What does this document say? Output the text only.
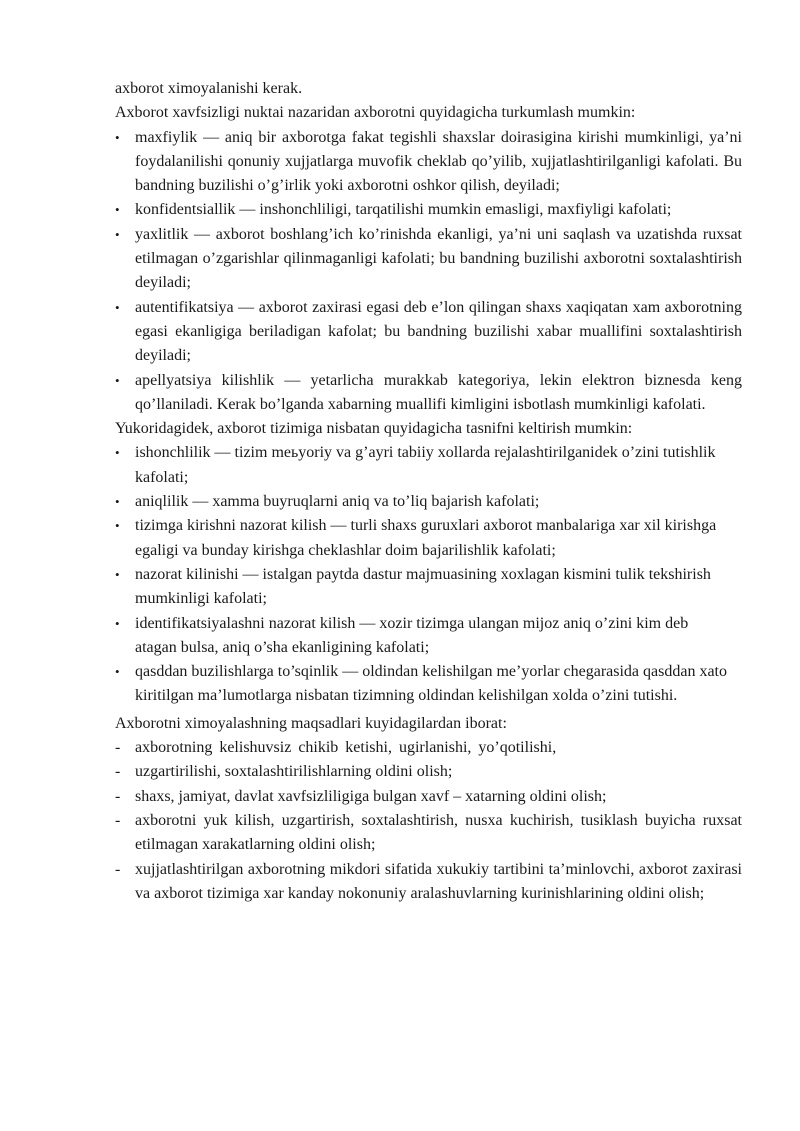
axborot ximoyalanishi kerak.

Axborot xavfsizligi nuktai nazaridan axborotni quyidagicha turkumlash mumkin:

• maxfiylik — aniq bir axborotga fakat tegishli shaxslar doirasigina kirishi mumkinligi, ya’ni foydalanilishi qonuniy xujjatlarga muvofik cheklab qo’yilib, xujjatlashtirilganligi kafolati. Bu bandning buzilishi o’g’irlik yoki axborotni oshkor qilish, deyiladi;
• konfidentsiallik — inshonchliligi, tarqatilishi mumkin emasligi, maxfiyligi kafolati;
• yaxlitlik — axborot boshlang’ich ko’rinishda ekanligi, ya’ni uni saqlash va uzatishda ruxsat etilmagan o’zgarishlar qilinmaganligi kafolati; bu bandning buzilishi axborotni soxtalashtirish deyiladi;
• autentifikatsiya — axborot zaxirasi egasi deb e’lon qilingan shaxs xaqiqatan xam axborotning egasi ekanligiga beriladigan kafolat; bu bandning buzilishi xabar muallifini soxtalashtirish deyiladi;
• apellyatsiya kilishlik — yetarlicha murakkab kategoriya, lekin elektron biznesda keng qo’llaniladi. Kerak bo’lganda xabarning muallifi kimligini isbotlash mumkinligi kafolati.

Yukoridagidek, axborot tizimiga nisbatan quyidagicha tasnifni keltirish mumkin:

• ishonchlilik — tizim meьyoriy va g’ayri tabiiy xollarda rejalashtirilganidek o’zini tutishlik kafolati;
• aniqlilik — xamma buyruqlarni aniq va to’liq bajarish kafolati;
• tizimga kirishni nazorat kilish — turli shaxs guruxlari axborot manbalariga xar xil kirishga egaligi va bunday kirishga cheklashlar doim bajarilishlik kafolati;
• nazorat kilinishi — istalgan paytda dastur majmuasining xoxlagan kismini tulik tekshirish mumkinligi kafolati;
• identifikatsiyalashni nazorat kilish — xozir tizimga ulangan mijoz aniq o’zini kim deb atagan bulsa, aniq o’sha ekanligining kafolati;
• qasddan buzilishlarga to’sqinlik — oldindan kelishilgan me’yorlar chegarasida qasddan xato kiritilgan ma’lumotlarga nisbatan tizimning oldindan kelishilgan xolda o’zini tutishi.

Axborotni ximoyalashning maqsadlari kuyidagilardan iborat:

- axborotning kelishuvsiz chikib ketishi, ugirlanishi, yo’qotilishi,
- uzgartirilishi, soxtalashtirilishlarning oldini olish;
- shaxs, jamiyat, davlat xavfsizliligiga bulgan xavf – xatarning oldini olish;
- axborotni yuk kilish, uzgartirish, soxtalashtirish, nusxa kuchirish, tusiklash buyicha ruxsat etilmagan xarakatlarning oldini olish;
- xujjatlashtirilgan axborotning mikdori sifatida xukukiy tartibini ta’minlovchi, axborot zaxirasi va axborot tizimiga xar kanday nokonuniy aralashuvlarning kurinishlarining oldini olish;
